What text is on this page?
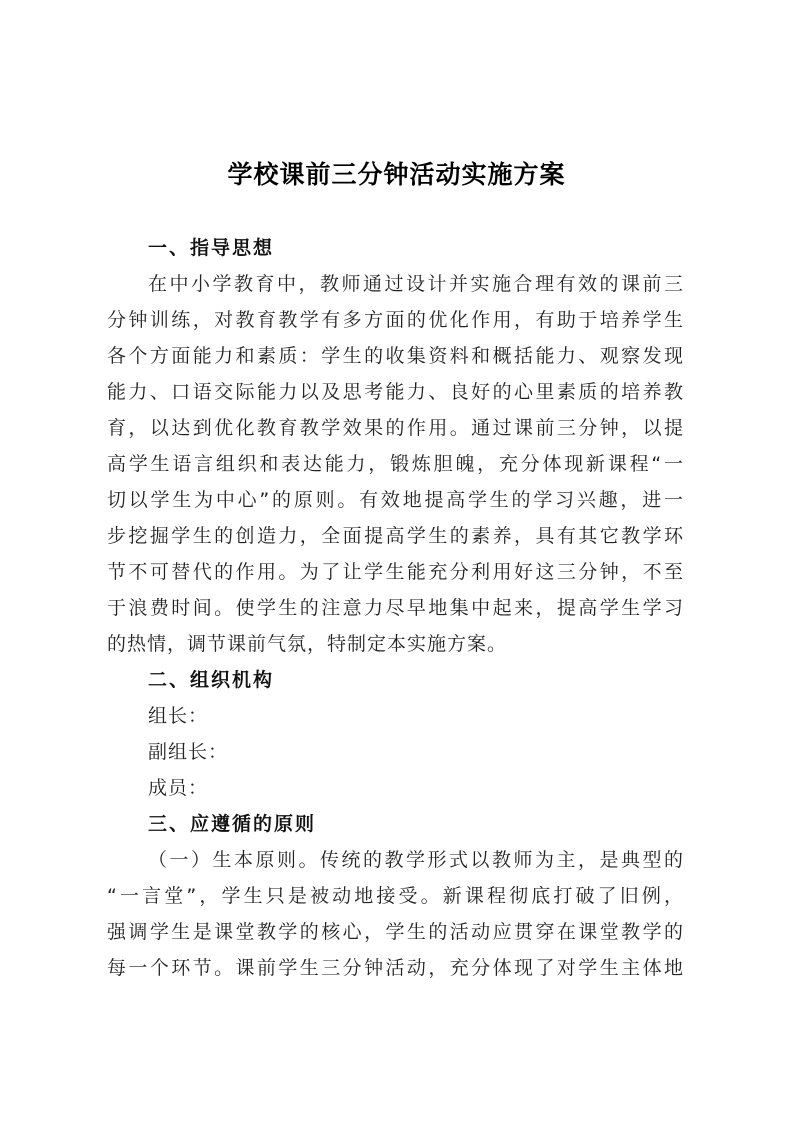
学校课前三分钟活动实施方案
一、指导思想
在中小学教育中，教师通过设计并实施合理有效的课前三
分钟训练，对教育教学有多方面的优化作用，有助于培养学生
各个方面能力和素质：学生的收集资料和概括能力、观察发现
能力、口语交际能力以及思考能力、良好的心里素质的培养教
育，以达到优化教育教学效果的作用。通过课前三分钟，以提
高学生语言组织和表达能力，锻炼胆魄，充分体现新课程“一
切以学生为中心”的原则。有效地提高学生的学习兴趣，进一
步挖掘学生的创造力，全面提高学生的素养，具有其它教学环
节不可替代的作用。为了让学生能充分利用好这三分钟，不至
于浪费时间。使学生的注意力尽早地集中起来，提高学生学习
的热情，调节课前气氛，特制定本实施方案。
二、组织机构
组长：
副组长：
成员：
三、应遵循的原则
（一）生本原则。传统的教学形式以教师为主，是典型的
“一言堂”，学生只是被动地接受。新课程彻底打破了旧例，
强调学生是课堂教学的核心，学生的活动应贯穿在课堂教学的
每一个环节。课前学生三分钟活动，充分体现了对学生主体地
